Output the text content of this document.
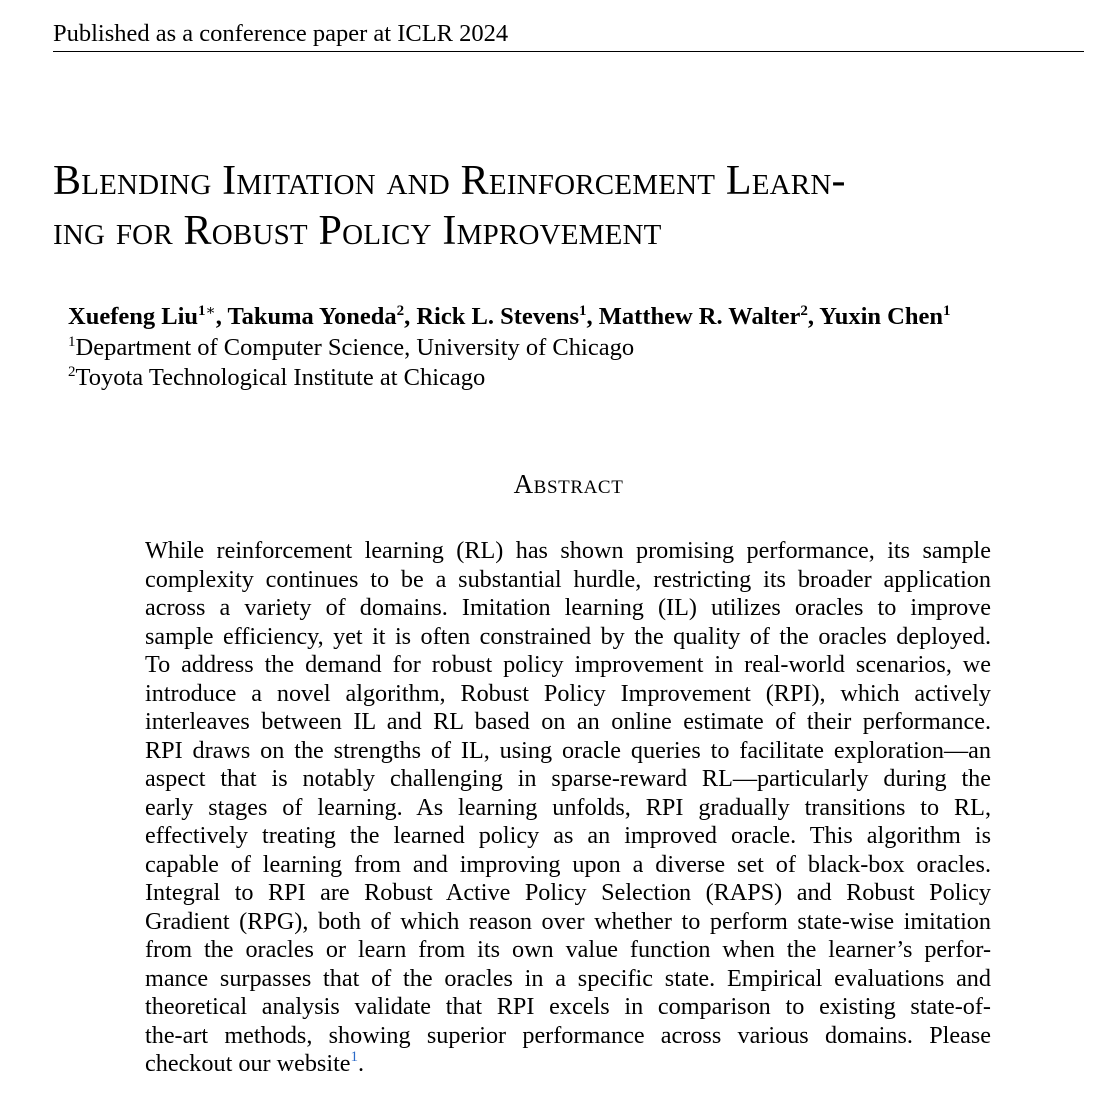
Published as a conference paper at ICLR 2024
Blending Imitation and Reinforcement Learn-
ing for Robust Policy Improvement
Xuefeng Liu$^{1∗}$, Takuma Yoneda$^2$, Rick L. Stevens$^1$, Matthew R. Walter$^2$, Yuxin Chen$^1$
$^1$Department of Computer Science, University of Chicago
$^2$Toyota Technological Institute at Chicago
Abstract
While reinforcement learning (RL) has shown promising performance, its sample
complexity continues to be a substantial hurdle, restricting its broader application
across a variety of domains. Imitation learning (IL) utilizes oracles to improve
sample efficiency, yet it is often constrained by the quality of the oracles deployed.
To address the demand for robust policy improvement in real-world scenarios, we
introduce a novel algorithm, Robust Policy Improvement (RPI), which actively
interleaves between IL and RL based on an online estimate of their performance.
RPI draws on the strengths of IL, using oracle queries to facilitate exploration—an
aspect that is notably challenging in sparse-reward RL—particularly during the
early stages of learning. As learning unfolds, RPI gradually transitions to RL,
effectively treating the learned policy as an improved oracle. This algorithm is
capable of learning from and improving upon a diverse set of black-box oracles.
Integral to RPI are Robust Active Policy Selection (RAPS) and Robust Policy
Gradient (RPG), both of which reason over whether to perform state-wise imitation
from the oracles or learn from its own value function when the learner’s perfor-
mance surpasses that of the oracles in a specific state. Empirical evaluations and
theoretical analysis validate that RPI excels in comparison to existing state-of-
the-art methods, showing superior performance across various domains. Please
checkout our website$^1$.
